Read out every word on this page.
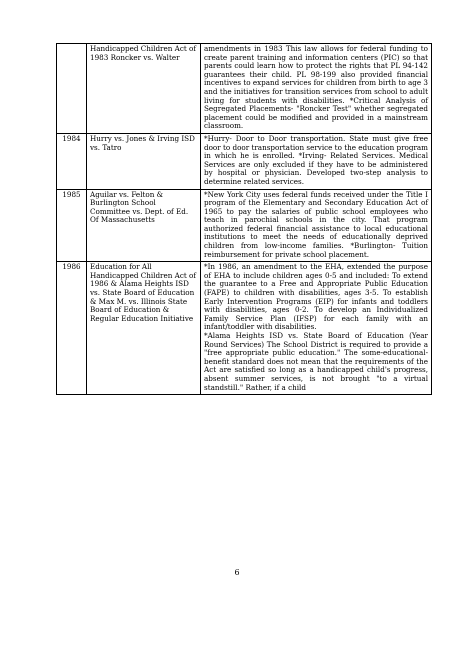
	Handicapped Children Act of 1983 Roncker vs. Walter	amendments in 1983 This law allows for federal funding to create parent training and information centers (PIC) so that parents could learn how to protect the rights that PL 94-142 guarantees their child. PL 98-199 also provided financial incentives to expand services for children from birth to age 3 and the initiatives for transition services from school to adult living for students with disabilities. *Critical Analysis of Segregated Placements- "Roncker Test" whether segregated placement could be modified and provided in a mainstream classroom.

1984	Hurry vs. Jones & Irving ISD vs. Tatro	*Hurry- Door to Door transportation. State must give free door to door transportation service to the education program in which he is enrolled. *Irving- Related Services. Medical Services are only excluded if they have to be administered by hospital or physician. Developed two-step analysis to determine related services.

1985	Aguilar vs. Felton & Burlington School Committee vs. Dept. of Ed. Of Massachusetts	*New York City uses federal funds received under the Title I program of the Elementary and Secondary Education Act of 1965 to pay the salaries of public school employees who teach in parochial schools in the city. That program authorized federal financial assistance to local educational institutions to meet the needs of educationally deprived children from low-income families. *Burlington- Tuition reimbursement for private school placement.

1986	Education for All Handicapped Children Act of 1986 & Alama Heights ISD vs. State Board of Education & Max M. vs. Illinois State Board of Education & Regular Education Initiative	*In 1986, an amendment to the EHA, extended the purpose of EHA to include children ages 0-5 and included: To extend the guarantee to a Free and Appropriate Public Education (FAPE) to children with disabilities, ages 3-5. To establish Early Intervention Programs (EIP) for infants and toddlers with disabilities, ages 0-2. To develop an Individualized Family Service Plan (IFSP) for each family with an infant/toddler with disabilities.
*Alama Heights ISD vs. State Board of Education (Year Round Services) The School District is required to provide a "free appropriate public education." The some-educational-benefit standard does not mean that the requirements of the Act are satisfied so long as a handicapped child's progress, absent summer services, is not brought "to a virtual standstill." Rather, if a child
6
